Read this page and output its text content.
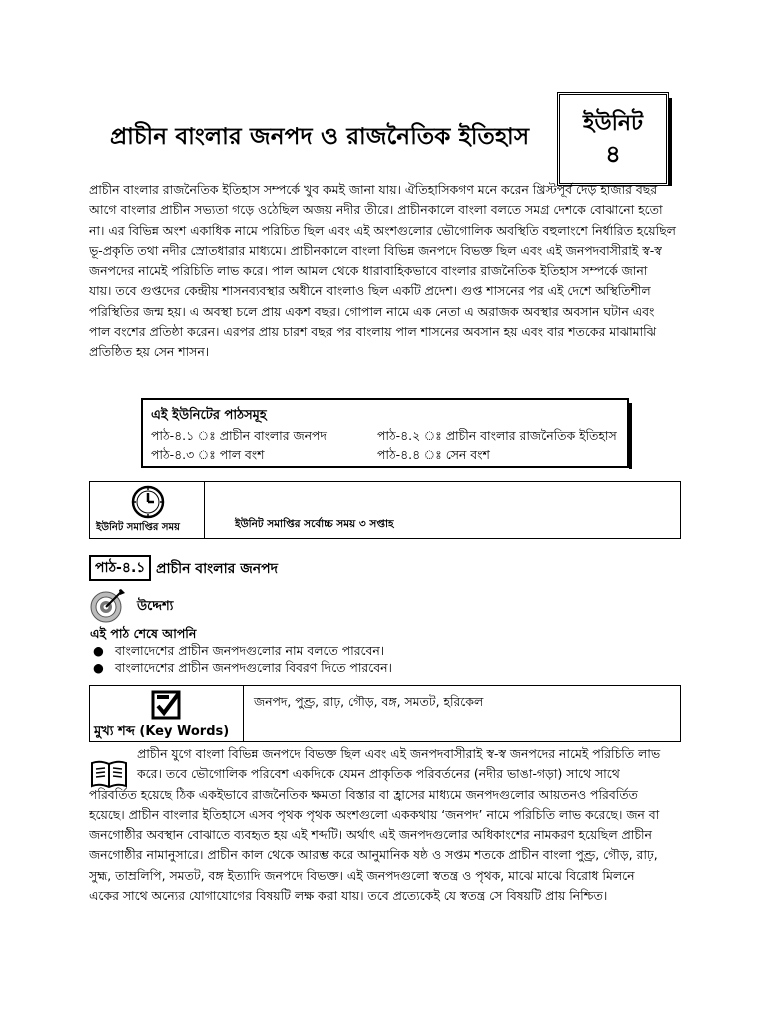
প্রাচীন বাংলার জনপদ ও রাজনৈতিক ইতিহাস
ইউনিট
৪
প্রাচীন বাংলার রাজনৈতিক ইতিহাস সম্পর্কে খুব কমই জানা যায়। ঐতিহাসিকগণ মনে করেন খ্রিস্টপূর্ব দেড় হাজার বছর
আগে বাংলার প্রাচীন সভ্যতা গড়ে ওঠেছিল অজয় নদীর তীরে। প্রাচীনকালে বাংলা বলতে সমগ্র দেশকে বোঝানো হতো
না। এর বিভিন্ন অংশ একাধিক নামে পরিচিত ছিল এবং এই অংশগুলোর ভৌগোলিক অবস্থিতি বহুলাংশে নির্ধারিত হয়েছিল
ভূ-প্রকৃতি তথা নদীর স্রোতধারার মাধ্যমে। প্রাচীনকালে বাংলা বিভিন্ন জনপদে বিভক্ত ছিল এবং এই জনপদবাসীরাই স্ব-স্ব
জনপদের নামেই পরিচিতি লাভ করে। পাল আমল থেকে ধারাবাহিকভাবে বাংলার রাজনৈতিক ইতিহাস সম্পর্কে জানা
যায়। তবে গুপ্তদের কেন্দ্রীয় শাসনব্যবস্থার অধীনে বাংলাও ছিল একটি প্রদেশ। গুপ্ত শাসনের পর এই দেশে অস্থিতিশীল
পরিস্থিতির জন্ম হয়। এ অবস্থা চলে প্রায় একশ বছর। গোপাল নামে এক নেতা এ অরাজক অবস্থার অবসান ঘটান এবং
পাল বংশের প্রতিষ্ঠা করেন। এরপর প্রায় চারশ বছর পর বাংলায় পাল শাসনের অবসান হয় এবং বার শতকের মাঝামাঝি
প্রতিষ্ঠিত হয় সেন শাসন।
এই ইউনিটের পাঠসমূহ
পাঠ-৪.১ ঃ প্রাচীন বাংলার জনপদ	পাঠ-৪.২ ঃ প্রাচীন বাংলার রাজনৈতিক ইতিহাস
পাঠ-৪.৩ ঃ পাল বংশ	পাঠ-৪.৪ ঃ সেন বংশ
ইউনিট সমাপ্তির সময়	ইউনিট সমাপ্তির সর্বোচ্চ সময় ৩ সপ্তাহ
পাঠ-৪.১ প্রাচীন বাংলার জনপদ
উদ্দেশ্য
এই পাঠ শেষে আপনি
● বাংলাদেশের প্রাচীন জনপদগুলোর নাম বলতে পারবেন।
● বাংলাদেশের প্রাচীন জনপদগুলোর বিবরণ দিতে পারবেন।
মুখ্য শব্দ (Key Words)
জনপদ, পুণ্ড্র, রাঢ়, গৌড়, বঙ্গ, সমতট, হরিকেল
প্রাচীন যুগে বাংলা বিভিন্ন জনপদে বিভক্ত ছিল এবং এই জনপদবাসীরাই স্ব-স্ব জনপদের নামেই পরিচিতি লাভ
করে। তবে ভৌগোলিক পরিবেশ একদিকে যেমন প্রাকৃতিক পরিবর্তনের (নদীর ভাঙা-গড়া) সাথে সাথে
পরিবর্তিত হয়েছে ঠিক একইভাবে রাজনৈতিক ক্ষমতা বিস্তার বা হ্রাসের মাধ্যমে জনপদগুলোর আয়তনও পরিবর্তিত
হয়েছে। প্রাচীন বাংলার ইতিহাসে এসব পৃথক পৃথক অংশগুলো এককথায় ‘জনপদ’ নামে পরিচিতি লাভ করেছে। জন বা
জনগোষ্ঠীর অবস্থান বোঝাতে ব্যবহৃত হয় এই শব্দটি। অর্থাৎ এই জনপদগুলোর অধিকাংশের নামকরণ হয়েছিল প্রাচীন
জনগোষ্ঠীর নামানুসারে। প্রাচীন কাল থেকে আরম্ভ করে আনুমানিক ষষ্ঠ ও সপ্তম শতকে প্রাচীন বাংলা পুণ্ড্র, গৌড়, রাঢ়,
সুহ্ম, তাম্রলিপি, সমতট, বঙ্গ ইত্যাদি জনপদে বিভক্ত। এই জনপদগুলো স্বতন্ত্র ও পৃথক, মাঝে মাঝে বিরোধ মিলনে
একের সাথে অন্যের যোগাযোগের বিষয়টি লক্ষ করা যায়। তবে প্রত্যেকেই যে স্বতন্ত্র সে বিষয়টি প্রায় নিশ্চিত।
